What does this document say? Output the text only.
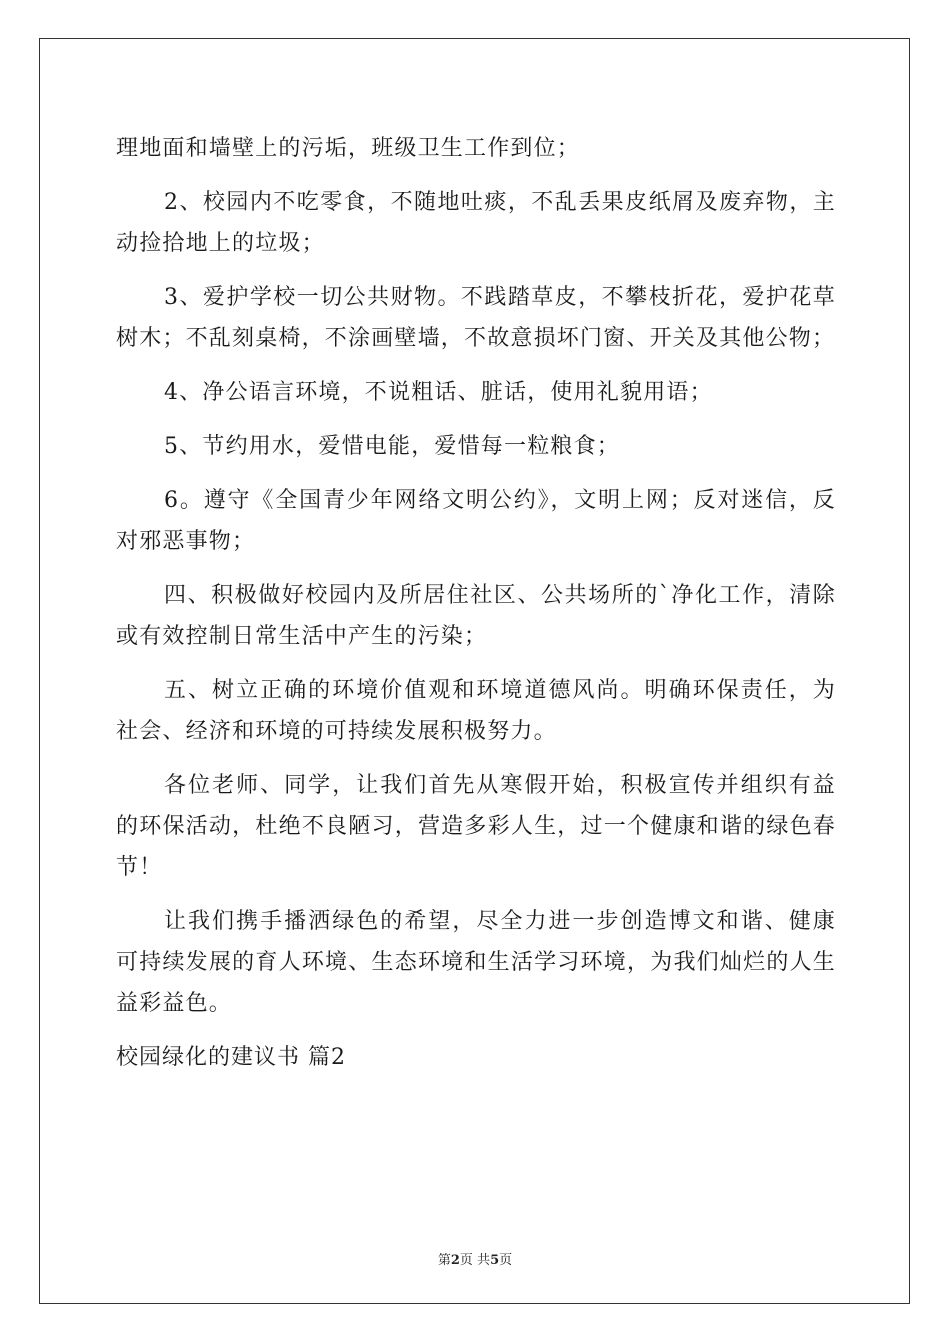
理地面和墙壁上的污垢，班级卫生工作到位；

2、校园内不吃零食，不随地吐痰，不乱丢果皮纸屑及废弃物，主动捡拾地上的垃圾；

3、爱护学校一切公共财物。不践踏草皮，不攀枝折花，爱护花草树木；不乱刻桌椅，不涂画壁墙，不故意损坏门窗、开关及其他公物；

4、净公语言环境，不说粗话、脏话，使用礼貌用语；

5、节约用水，爱惜电能，爱惜每一粒粮食；

6。遵守《全国青少年网络文明公约》，文明上网；反对迷信，反对邪恶事物；

四、积极做好校园内及所居住社区、公共场所的`净化工作，清除或有效控制日常生活中产生的污染；

五、树立正确的环境价值观和环境道德风尚。明确环保责任，为社会、经济和环境的可持续发展积极努力。

各位老师、同学，让我们首先从寒假开始，积极宣传并组织有益的环保活动，杜绝不良陋习，营造多彩人生，过一个健康和谐的绿色春节！

让我们携手播洒绿色的希望，尽全力进一步创造博文和谐、健康可持续发展的育人环境、生态环境和生活学习环境，为我们灿烂的人生益彩益色。

校园绿化的建议书 篇2

第2页 共5页
